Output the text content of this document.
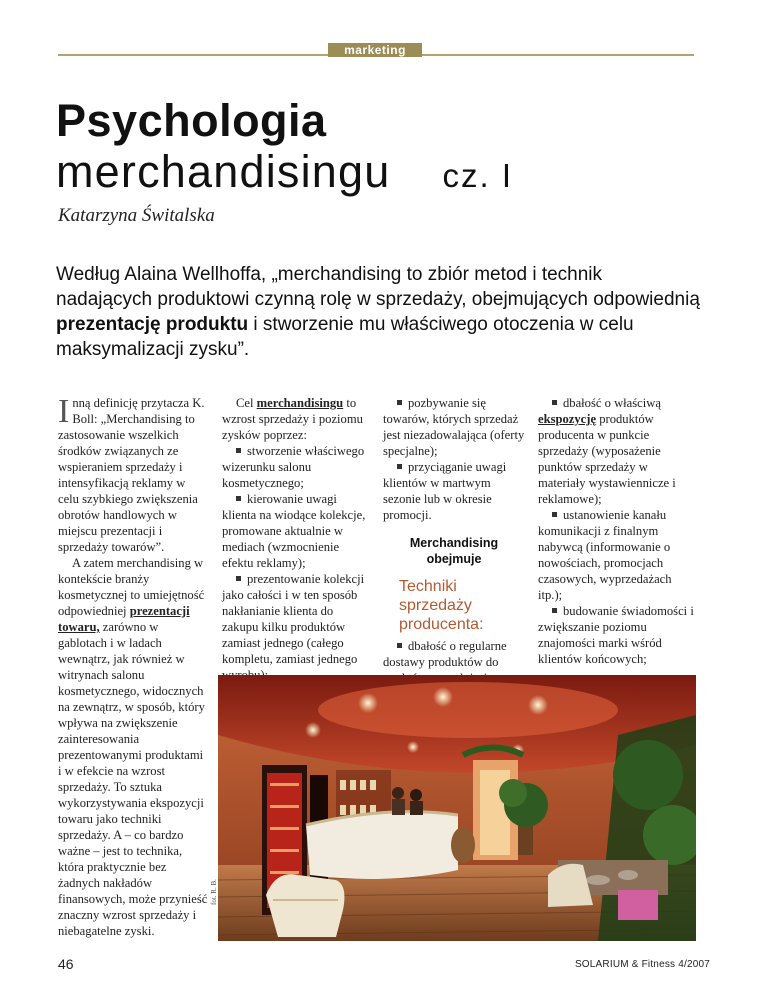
marketing
Psychologia
merchandisingu cz. I
Katarzyna Świtalska
Według Alaina Wellhoffa, „merchandising to zbiór metod i technik nadających produktowi czynną rolę w sprzedaży, obejmujących odpowiednią prezentację produktu i stworzenie mu właściwego otoczenia w celu maksymalizacji zysku”.

Inną definicję przytacza K. Boll: „Merchandising to zastosowanie wszelkich środków związanych ze wspieraniem sprzedaży i intensyfikacją reklamy w celu szybkiego zwiększenia obrotów handlowych w miejscu prezentacji i sprzedaży towarów”.

A zatem merchandising w kontekście branży kosmetycznej to umiejętność odpowiedniej prezentacji towaru, zarówno w gablotach i w ladach wewnątrz, jak również w witrynach salonu kosmetycznego, widocznych na zewnątrz, w sposób, który wpływa na zwiększenie zainteresowania prezentowanymi produktami i w efekcie na wzrost sprzedaży. To sztuka wykorzystywania ekspozycji towaru jako techniki sprzedaży. A – co bardzo ważne – jest to technika, która praktycznie bez żadnych nakładów finansowych, może przynieść znaczny wzrost sprzedaży i niebagatelne zyski.

Cel merchandisingu to wzrost sprzedaży i poziomu zysków poprzez:

stworzenie właściwego wizerunku salonu kosmetycznego;

kierowanie uwagi klienta na wiodące kolekcje, promowane aktualnie w mediach (wzmocnienie efektu reklamy);

prezentowanie kolekcji jako całości i w ten sposób nakłanianie klienta do zakupu kilku produktów zamiast jednego (całego kompletu, zamiast jednego

pozbywanie się towarów, których sprzedaż jest niezadowalająca (oferty specjalne);

przyciąganie uwagi klientów w martwym sezonie lub w okresie promocji.

Merchandising obejmuje
Techniki sprzedaży producenta:

dbałość o regularne dostawy produktów do

dbałość o właściwą ekspozycję produktów producenta w punkcie sprzedaży (wyposażenie punktów sprzedaży w materiały wystawiennicze i reklamowe);

ustanowienie kanału komunikacji z finalnym nabywcą (informowanie o nowościach, promocjach czasowych, wyprzedażach itp.);

budowanie świadomości i zwiększanie poziomu znajomości marki wśród klientów końcowych;

fot. R. B.
46	SOLARIUM & Fitness 4/2007
